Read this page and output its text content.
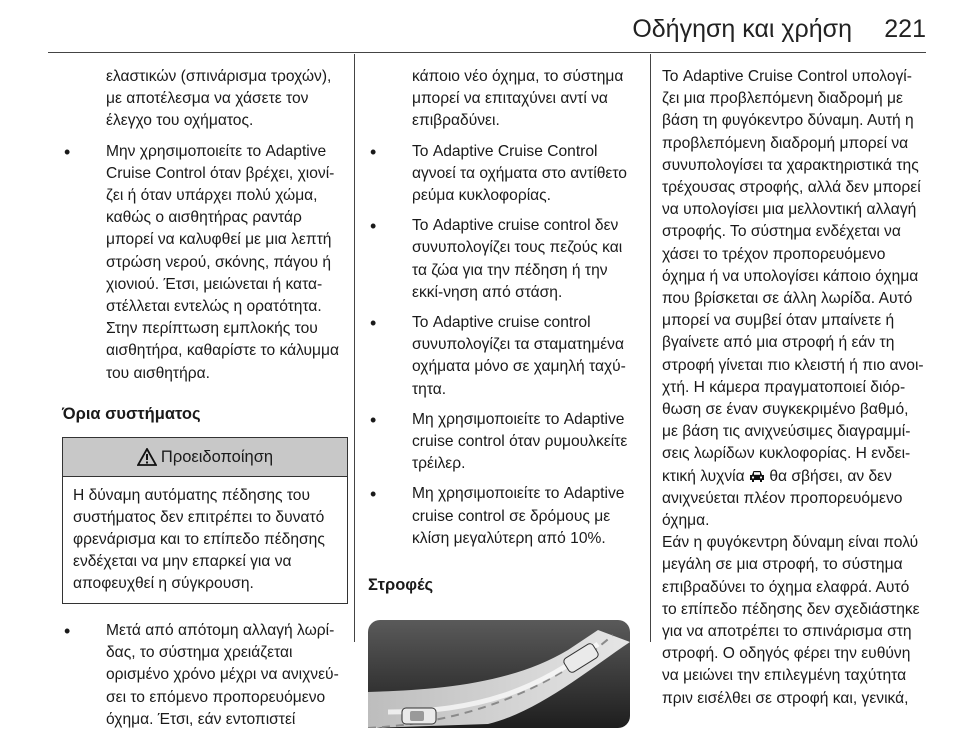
Οδήγηση και χρήση 221

ελαστικών (σπινάρισμα τροχών), με αποτέλεσμα να χάσετε τον έλεγχο του οχήματος.

• Μην χρησιμοποιείτε το Adaptive Cruise Control όταν βρέχει, χιονί-ζει ή όταν υπάρχει πολύ χώμα, καθώς ο αισθητήρας ραντάρ μπορεί να καλυφθεί με μια λεπτή στρώση νερού, σκόνης, πάγου ή χιονιού. Έτσι, μειώνεται ή κατα-στέλλεται εντελώς η ορατότητα. Στην περίπτωση εμπλοκής του αισθητήρα, καθαρίστε το κάλυμμα του αισθητήρα.

Όρια συστήματος

Προειδοποίηση

Η δύναμη αυτόματης πέδησης του συστήματος δεν επιτρέπει το δυνατό φρενάρισμα και το επίπεδο πέδησης ενδέχεται να μην επαρκεί για να αποφευχθεί η σύγκρουση.

• Μετά από απότομη αλλαγή λωρί-δας, το σύστημα χρειάζεται ορισμένο χρόνο μέχρι να ανιχνεύ-σει το επόμενο προπορευόμενο όχημα. Έτσι, εάν εντοπιστεί

κάποιο νέο όχημα, το σύστημα μπορεί να επιταχύνει αντί να επιβραδύνει.

• Το Adaptive Cruise Control αγνοεί τα οχήματα στο αντίθετο ρεύμα κυκλοφορίας.

• Το Adaptive cruise control δεν συνυπολογίζει τους πεζούς και τα ζώα για την πέδηση ή την εκκί-νηση από στάση.

• Το Adaptive cruise control συνυπολογίζει τα σταματημένα οχήματα μόνο σε χαμηλή ταχύ-τητα.

• Μη χρησιμοποιείτε το Adaptive cruise control όταν ρυμουλκείτε τρέιλερ.

• Μη χρησιμοποιείτε το Adaptive cruise control σε δρόμους με κλίση μεγαλύτερη από 10%.

Στροφές

Το Adaptive Cruise Control υπολογί-ζει μια προβλεπόμενη διαδρομή με βάση τη φυγόκεντρο δύναμη. Αυτή η προβλεπόμενη διαδρομή μπορεί να συνυπολογίσει τα χαρακτηριστικά της τρέχουσας στροφής, αλλά δεν μπορεί να υπολογίσει μια μελλοντική αλλαγή στροφής. Το σύστημα ενδέχεται να χάσει το τρέχον προπορευόμενο όχημα ή να υπολογίσει κάποιο όχημα που βρίσκεται σε άλλη λωρίδα. Αυτό μπορεί να συμβεί όταν μπαίνετε ή βγαίνετε από μια στροφή ή εάν τη στροφή γίνεται πιο κλειστή ή πιο ανοι-χτή. Η κάμερα πραγματοποιεί διόρ-θωση σε έναν συγκεκριμένο βαθμό, με βάση τις ανιχνεύσιμες διαγραμμί-σεις λωρίδων κυκλοφορίας. Η ενδει-κτική λυχνία θα σβήσει, αν δεν ανιχνεύεται πλέον προπορευόμενο όχημα.

Εάν η φυγόκεντρη δύναμη είναι πολύ μεγάλη σε μια στροφή, το σύστημα επιβραδύνει το όχημα ελαφρά. Αυτό το επίπεδο πέδησης δεν σχεδιάστηκε για να αποτρέπει το σπινάρισμα στη στροφή. Ο οδηγός φέρει την ευθύνη να μειώνει την επιλεγμένη ταχύτητα πριν εισέλθει σε στροφή και, γενικά,
